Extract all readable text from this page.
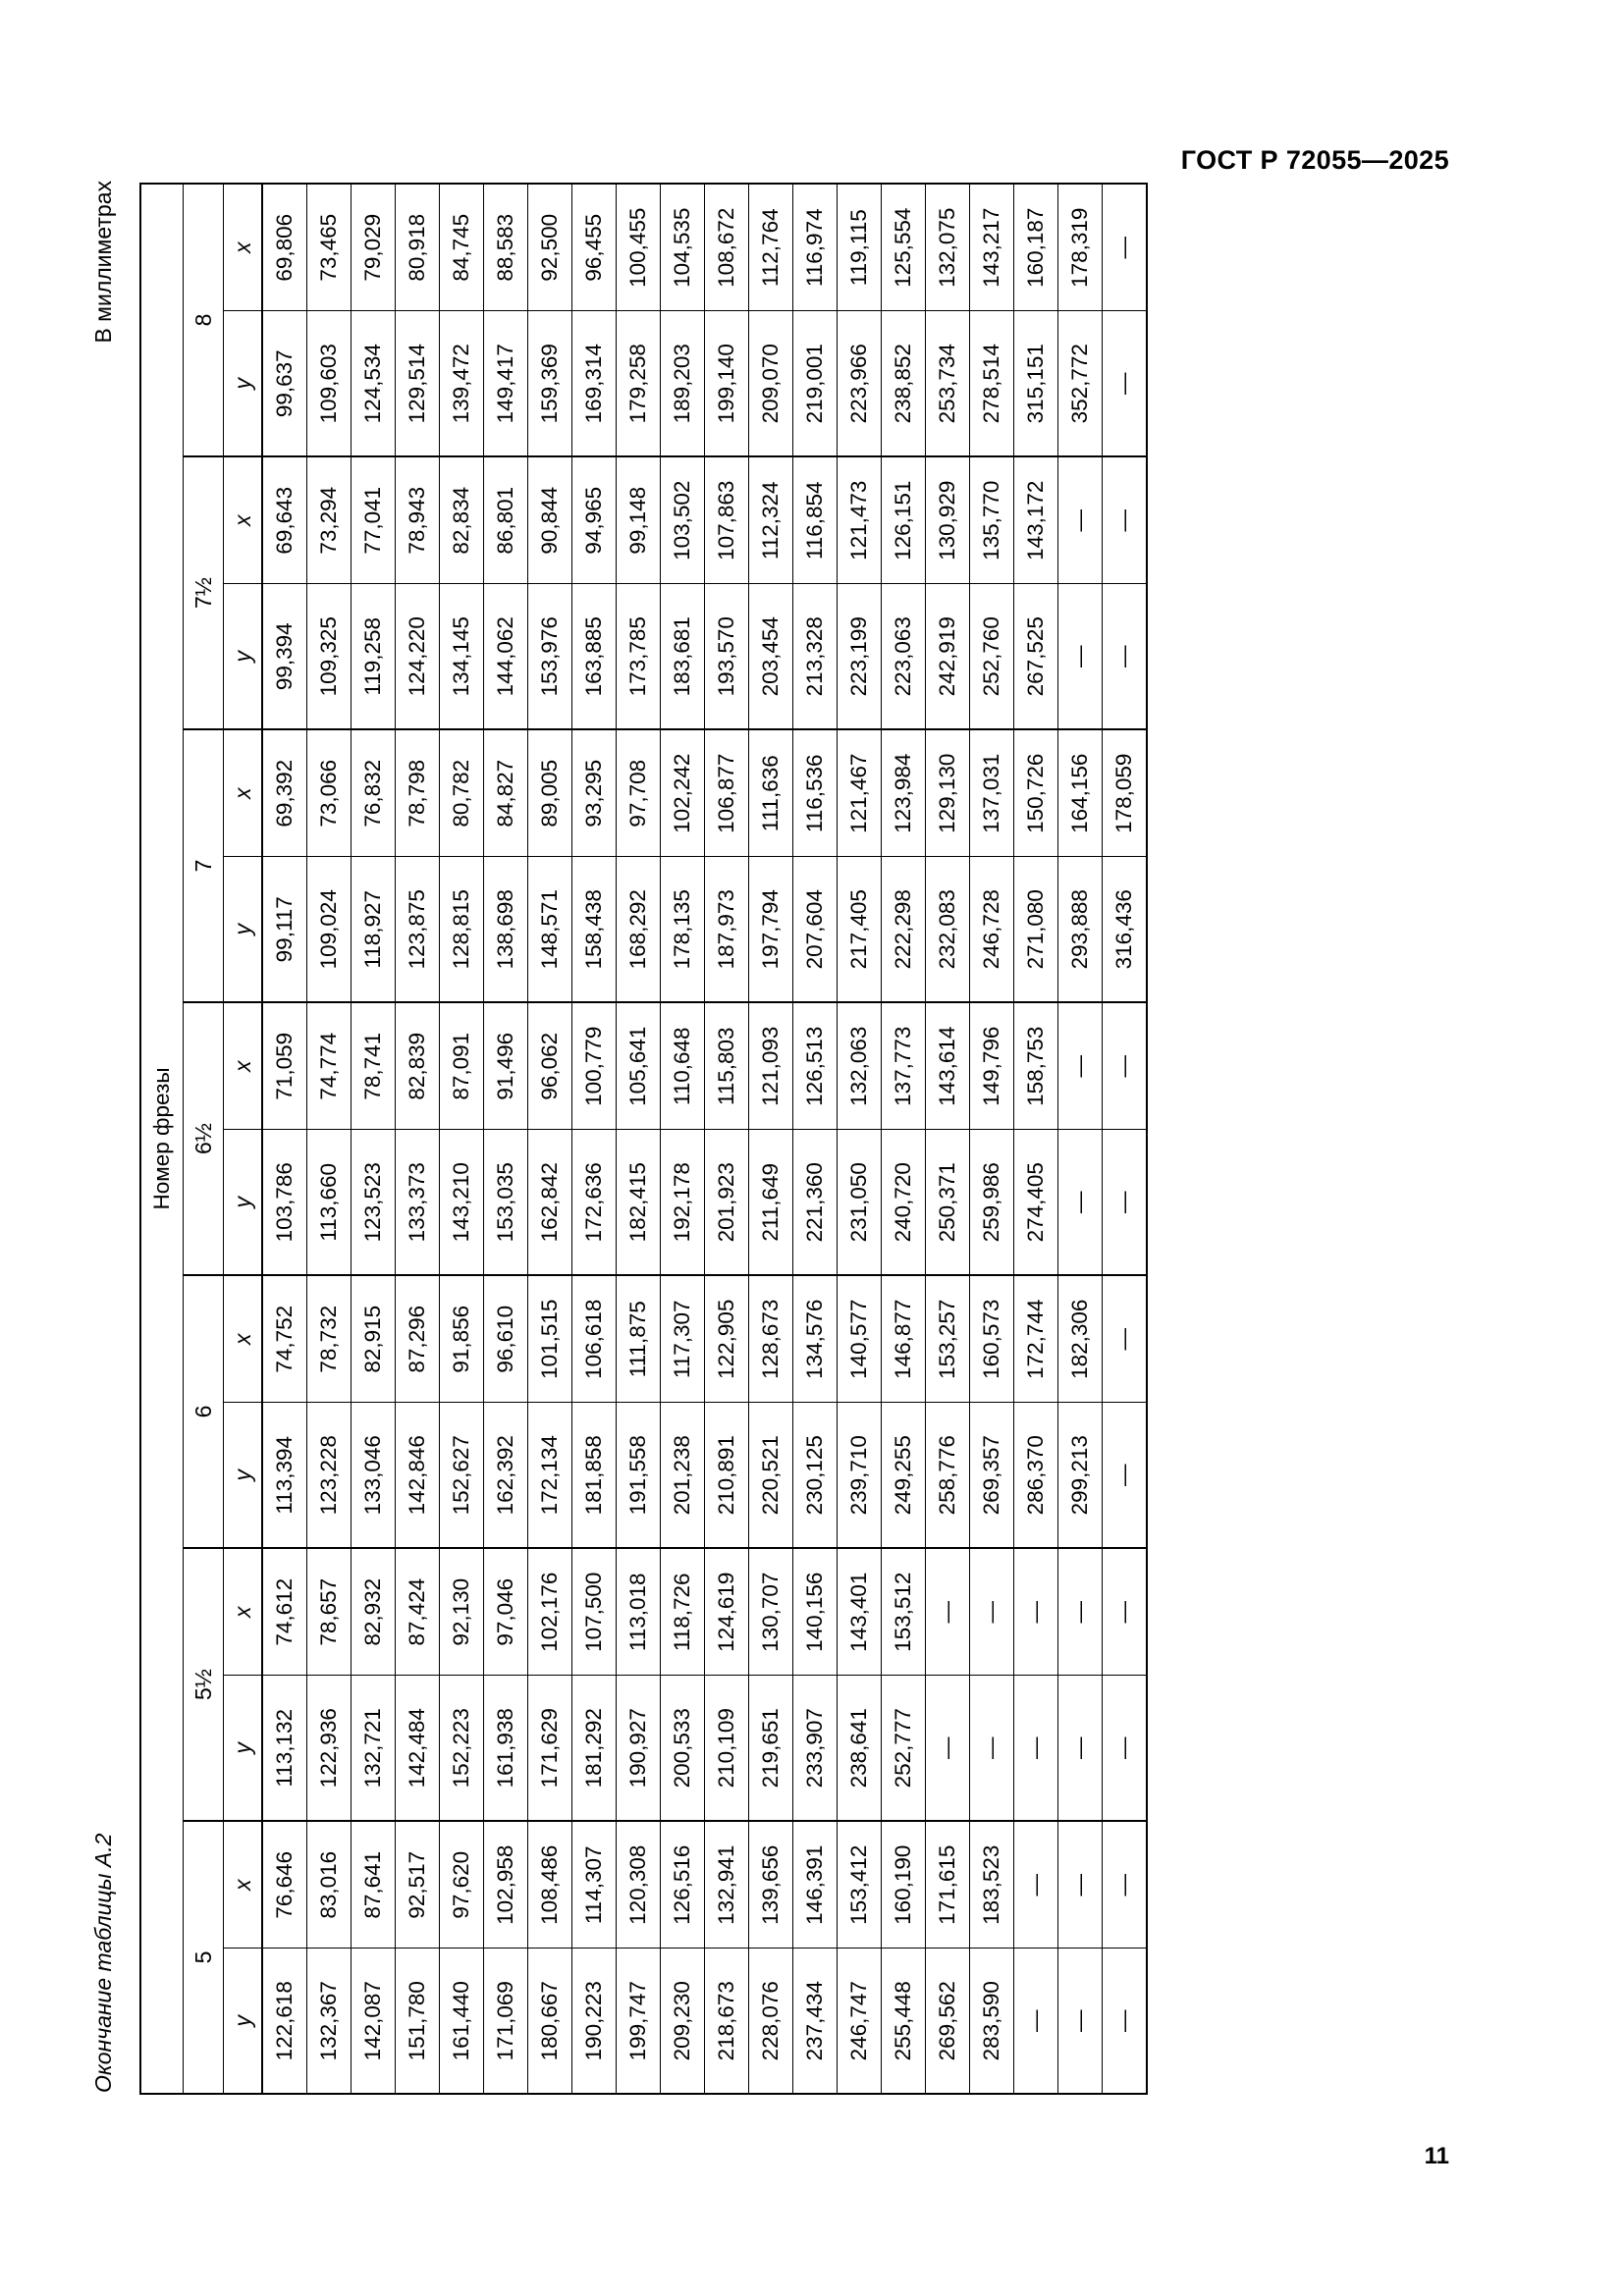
ГОСТ Р 72055—2025
11
Окончание таблицы А.2
В миллиметрах
Номер фрезы													
5		5½		6		6½		7		7½		8	
y	x	y	x	y	x	y	x	y	x	y	x	y	x
122,618	76,646	113,132	74,612	113,394	74,752	103,786	71,059	99,117	69,392	99,394	69,643	99,637	69,806
132,367	83,016	122,936	78,657	123,228	78,732	113,660	74,774	109,024	73,066	109,325	73,294	109,603	73,465
142,087	87,641	132,721	82,932	133,046	82,915	123,523	78,741	118,927	76,832	119,258	77,041	124,534	79,029
151,780	92,517	142,484	87,424	142,846	87,296	133,373	82,839	123,875	78,798	124,220	78,943	129,514	80,918
161,440	97,620	152,223	92,130	152,627	91,856	143,210	87,091	128,815	80,782	134,145	82,834	139,472	84,745
171,069	102,958	161,938	97,046	162,392	96,610	153,035	91,496	138,698	84,827	144,062	86,801	149,417	88,583
180,667	108,486	171,629	102,176	172,134	101,515	162,842	96,062	148,571	89,005	153,976	90,844	159,369	92,500
190,223	114,307	181,292	107,500	181,858	106,618	172,636	100,779	158,438	93,295	163,885	94,965	169,314	96,455
199,747	120,308	190,927	113,018	191,558	111,875	182,415	105,641	168,292	97,708	173,785	99,148	179,258	100,455
209,230	126,516	200,533	118,726	201,238	117,307	192,178	110,648	178,135	102,242	183,681	103,502	189,203	104,535
218,673	132,941	210,109	124,619	210,891	122,905	201,923	115,803	187,973	106,877	193,570	107,863	199,140	108,672
228,076	139,656	219,651	130,707	220,521	128,673	211,649	121,093	197,794	111,636	203,454	112,324	209,070	112,764
237,434	146,391	233,907	140,156	230,125	134,576	221,360	126,513	207,604	116,536	213,328	116,854	219,001	116,974
246,747	153,412	238,641	143,401	239,710	140,577	231,050	132,063	217,405	121,467	223,199	121,473	223,966	119,115
255,448	160,190	252,777	153,512	249,255	146,877	240,720	137,773	222,298	123,984	223,063	126,151	238,852	125,554
269,562	171,615	—	—	258,776	153,257	250,371	143,614	232,083	129,130	242,919	130,929	253,734	132,075
283,590	183,523	—	—	269,357	160,573	259,986	149,796	246,728	137,031	252,760	135,770	278,514	143,217
—	—	—	—	286,370	172,744	274,405	158,753	271,080	150,726	267,525	143,172	315,151	160,187
—	—	—	—	299,213	182,306	—	—	293,888	164,156	—	—	352,772	178,319
—	—	—	—	—	—	—	—	316,436	178,059	—	—	—	—
